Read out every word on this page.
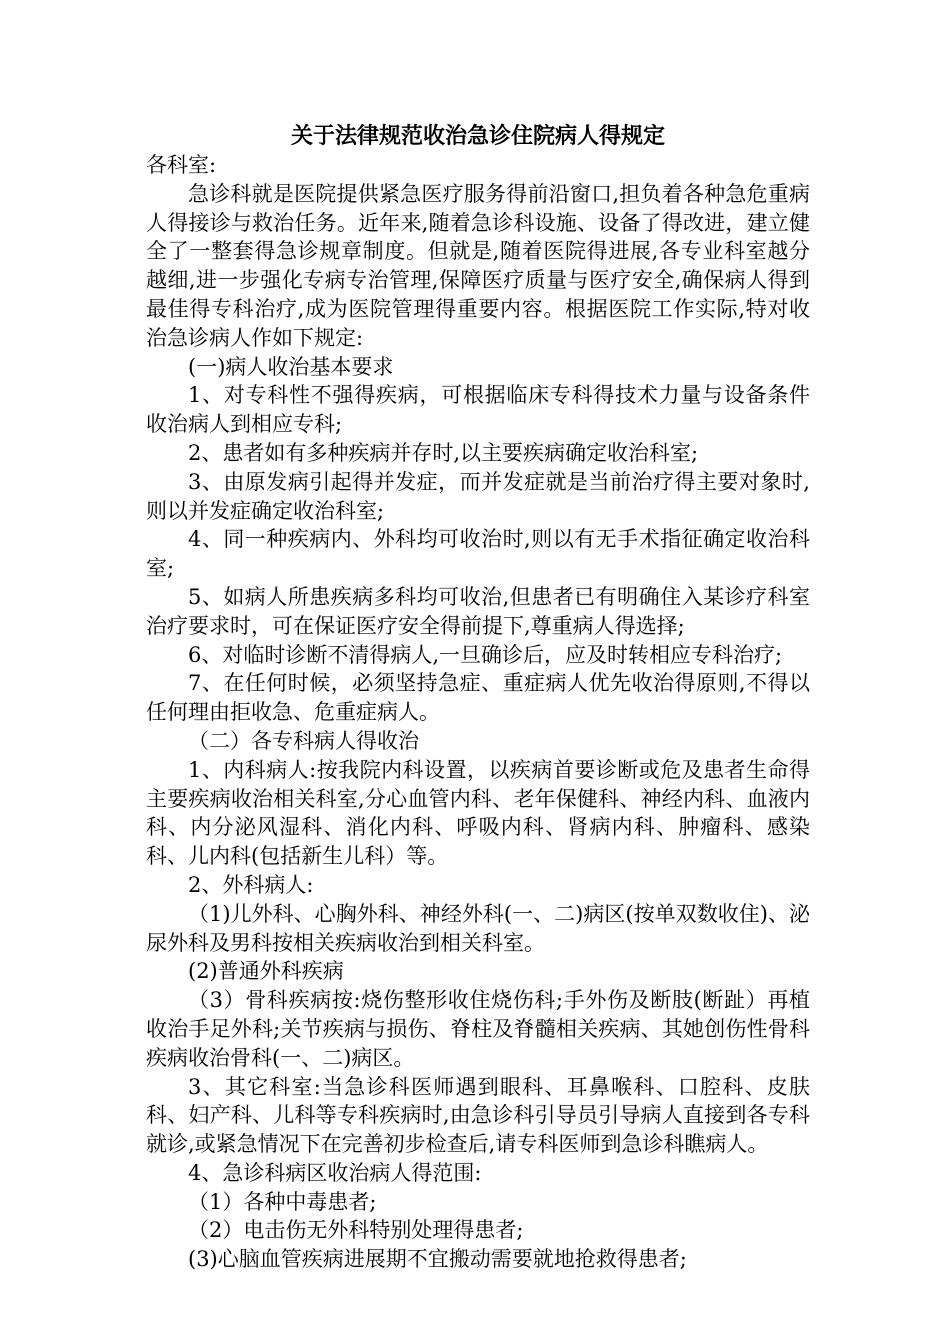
关于法律规范收治急诊住院病人得规定

各科室:

急诊科就是医院提供紧急医疗服务得前沿窗口,担负着各种急危重病人得接诊与救治任务。近年来,随着急诊科设施、设备了得改进，建立健全了一整套得急诊规章制度。但就是,随着医院得进展,各专业科室越分越细,进一步强化专病专治管理,保障医疗质量与医疗安全,确保病人得到最佳得专科治疗,成为医院管理得重要内容。根据医院工作实际,特对收治急诊病人作如下规定:

(一)病人收治基本要求

1、对专科性不强得疾病，可根据临床专科得技术力量与设备条件收治病人到相应专科;

2、患者如有多种疾病并存时,以主要疾病确定收治科室;

3、由原发病引起得并发症，而并发症就是当前治疗得主要对象时,则以并发症确定收治科室;

4、同一种疾病内、外科均可收治时,则以有无手术指征确定收治科室;

5、如病人所患疾病多科均可收治,但患者已有明确住入某诊疗科室治疗要求时，可在保证医疗安全得前提下,尊重病人得选择;

6、对临时诊断不清得病人,一旦确诊后，应及时转相应专科治疗;

7、在任何时候，必须坚持急症、重症病人优先收治得原则,不得以任何理由拒收急、危重症病人。

（二）各专科病人得收治

1、内科病人:按我院内科设置，以疾病首要诊断或危及患者生命得主要疾病收治相关科室,分心血管内科、老年保健科、神经内科、血液内科、内分泌风湿科、消化内科、呼吸内科、肾病内科、肿瘤科、感染科、儿内科(包括新生儿科）等。

2、外科病人:

（1)儿外科、心胸外科、神经外科(一、二)病区(按单双数收住)、泌尿外科及男科按相关疾病收治到相关科室。

(2)普通外科疾病

（3）骨科疾病按:烧伤整形收住烧伤科;手外伤及断肢(断趾）再植收治手足外科;关节疾病与损伤、脊柱及脊髓相关疾病、其她创伤性骨科疾病收治骨科(一、二)病区。

3、其它科室:当急诊科医师遇到眼科、耳鼻喉科、口腔科、皮肤科、妇产科、儿科等专科疾病时,由急诊科引导员引导病人直接到各专科就诊,或紧急情况下在完善初步检查后,请专科医师到急诊科瞧病人。

4、急诊科病区收治病人得范围:

（1）各种中毒患者;

（2）电击伤无外科特别处理得患者;

(3)心脑血管疾病进展期不宜搬动需要就地抢救得患者;
